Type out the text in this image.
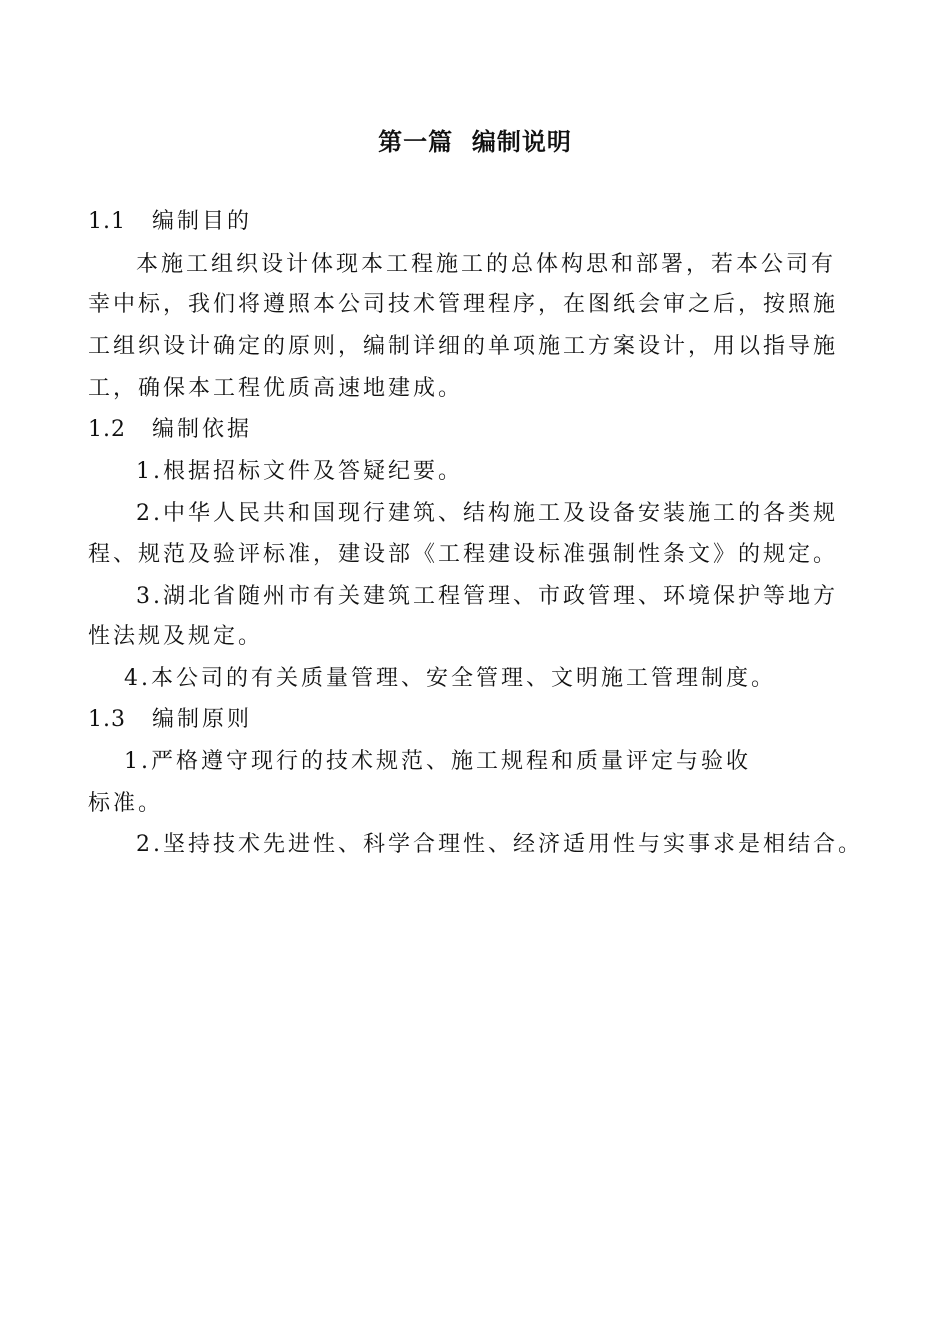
第一篇  编制说明
1.1 编制目的
本施工组织设计体现本工程施工的总体构思和部署，若本公司有
幸中标，我们将遵照本公司技术管理程序，在图纸会审之后，按照施
工组织设计确定的原则，编制详细的单项施工方案设计，用以指导施
工，确保本工程优质高速地建成。
1.2 编制依据
1.根据招标文件及答疑纪要。
2.中华人民共和国现行建筑、结构施工及设备安装施工的各类规
程、规范及验评标准，建设部《工程建设标准强制性条文》的规定。
3.湖北省随州市有关建筑工程管理、市政管理、环境保护等地方
性法规及规定。
4.本公司的有关质量管理、安全管理、文明施工管理制度。
1.3 编制原则
1.严格遵守现行的技术规范、施工规程和质量评定与验收
标准。
2.坚持技术先进性、科学合理性、经济适用性与实事求是相结合。
